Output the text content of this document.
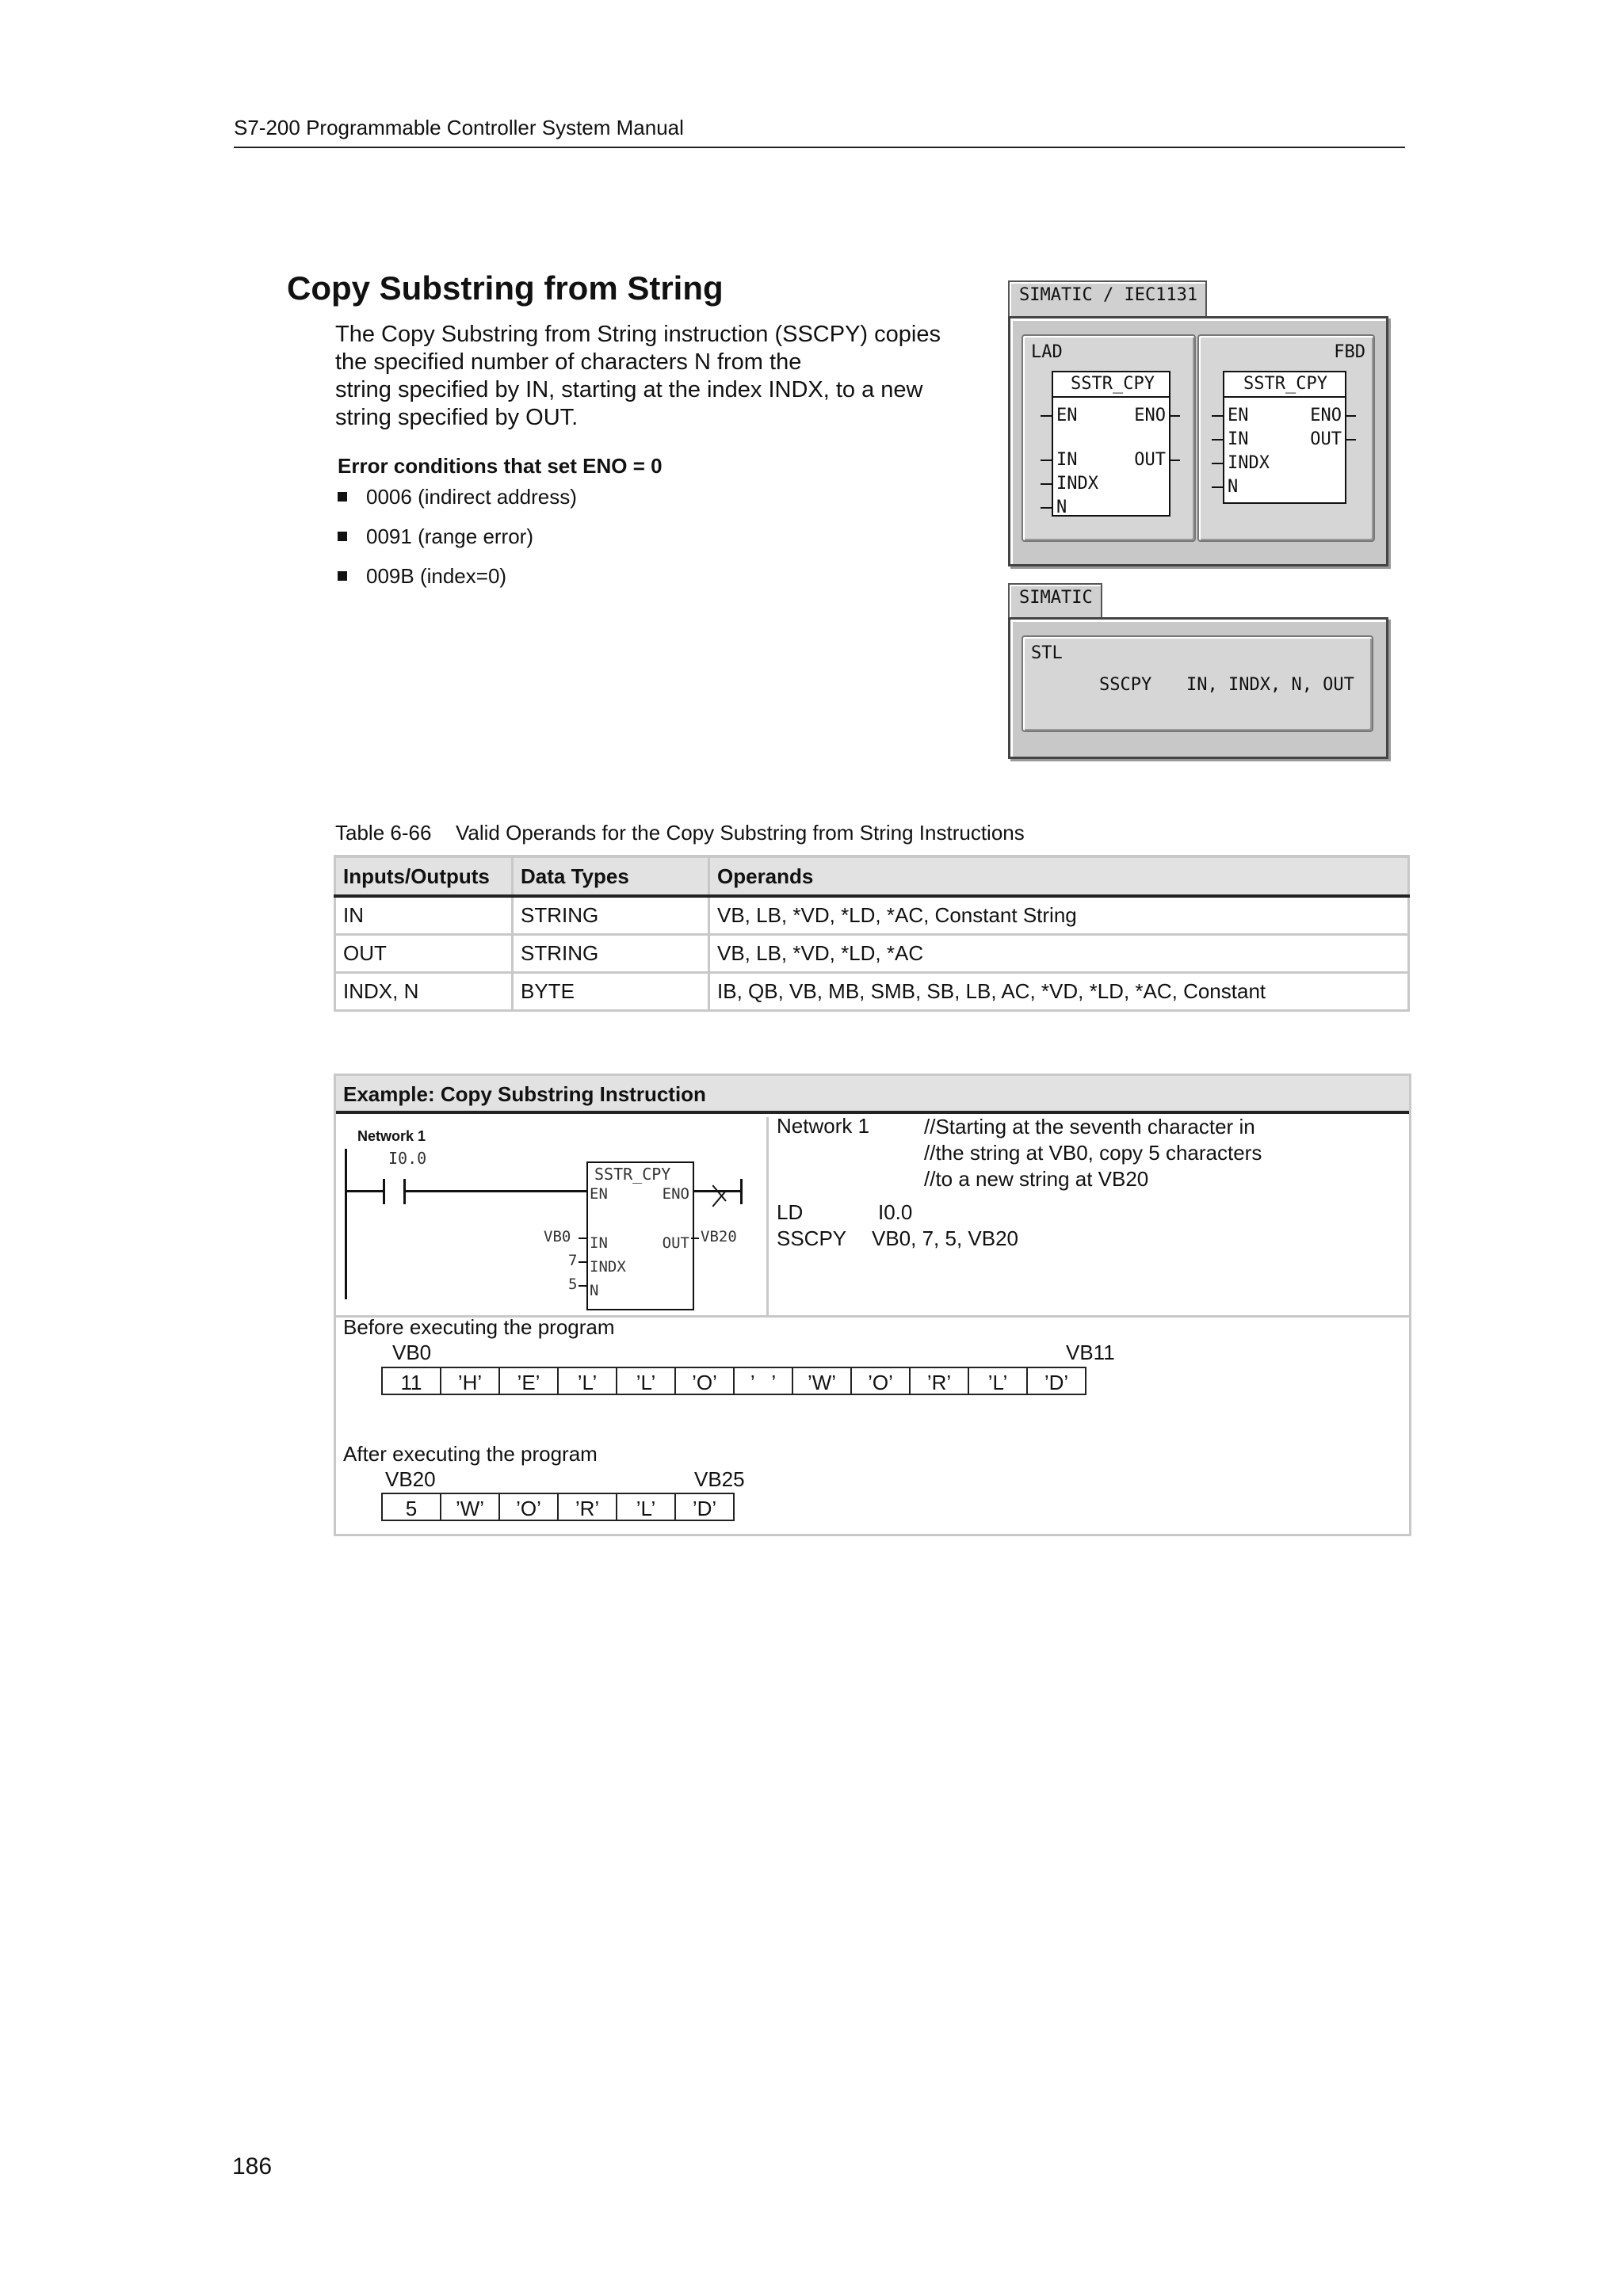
S7-200 Programmable Controller System Manual
Copy Substring from String
The Copy Substring from String instruction (SSCPY) copies
the specified number of characters N from the
string specified by IN, starting at the index INDX, to a new
string specified by OUT.
Error conditions that set ENO = 0
0006 (indirect address)
0091 (range error)
009B (index=0)
SIMATIC / IEC1131
LAD
SSTR_CPY
EN
IN
INDX
N
ENO
OUT
FBD
SSTR_CPY
EN
IN
INDX
N
ENO
OUT
SIMATIC
STL
SSCPY IN, INDX, N, OUT
Table 6-66 Valid Operands for the Copy Substring from String Instructions
Inputs/Outputs	Data Types	Operands
IN	STRING	VB, LB, *VD, *LD, *AC, Constant String
OUT	STRING	VB, LB, *VD, *LD, *AC
INDX, N	BYTE	IB, QB, VB, MB, SMB, SB, LB, AC, *VD, *LD, *AC, Constant
Example: Copy Substring Instruction
Network 1
I0.0
SSTR_CPY
EN	ENO
IN	OUT
INDX
N
VB0
7
5
VB20
Network 1	//Starting at the seventh character in
//the string at VB0, copy 5 characters
//to a new string at VB20
LD	I0.0
SSCPY VB0, 7, 5, VB20
Before executing the program
VB0	VB11
11	’H’	’E’	’L’	’L’	’O’	’   ’	’W’	’O’	’R’	’L’	’D’
After executing the program
VB20	VB25
5	’W’	’O’	’R’	’L’	’D’
186
